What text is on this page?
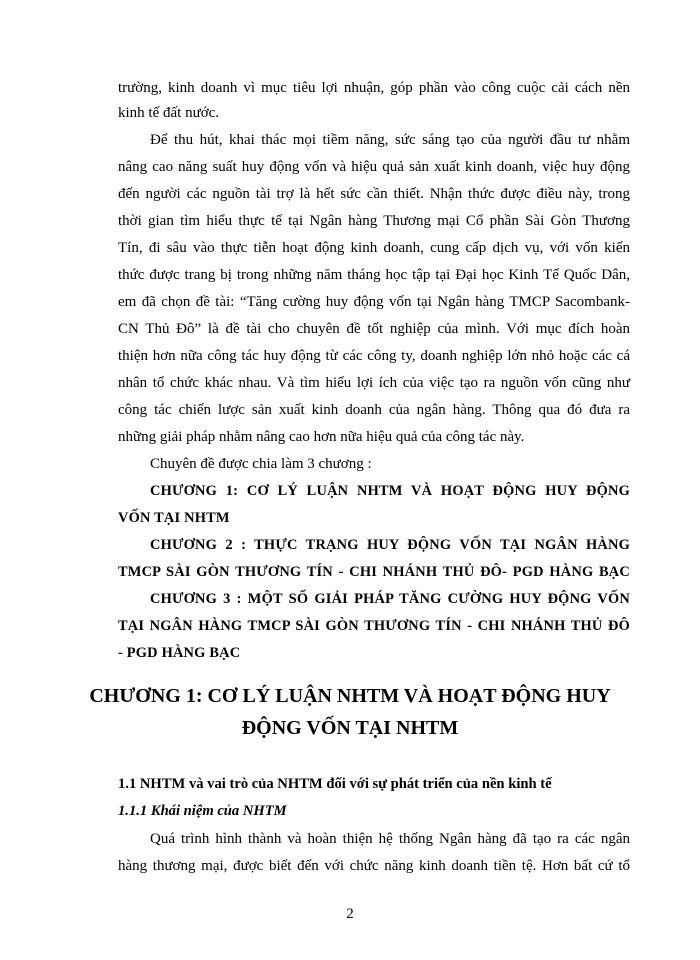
trường, kinh doanh vì mục tiêu lợi nhuận, góp phần vào công cuộc cải cách nền
kinh tế đất nước.
Để thu hút, khai thác mọi tiềm năng, sức sáng tạo của người đầu tư nhằm
nâng cao năng suất huy động vốn và hiệu quả sản xuất kinh doanh, việc huy động
đến người các nguồn tài trợ là hết sức cần thiết. Nhận thức được điều này, trong
thời gian tìm hiểu thực tế tại Ngân hàng Thương mại Cổ phần Sài Gòn Thương
Tín, đi sâu vào thực tiễn hoạt động kinh doanh, cung cấp dịch vụ, với vốn kiến
thức được trang bị trong những năm tháng học tập tại Đại học Kinh Tế Quốc Dân,
em đã chọn đề tài: “Tăng cường huy động vốn tại Ngân hàng TMCP Sacombank-
CN Thủ Đô” là đề tài cho chuyên đề tốt nghiệp của mình. Với mục đích hoàn
thiện hơn nữa công tác huy động từ các công ty, doanh nghiệp lớn nhỏ hoặc các cá
nhân tổ chức khác nhau. Và tìm hiểu lợi ích của việc tạo ra nguồn vốn cũng như
công tác chiến lược sản xuất kinh doanh của ngân hàng. Thông qua đó đưa ra
những giải pháp nhằm nâng cao hơn nữa hiệu quả của công tác này.
Chuyên đề được chia làm 3 chương :
CHƯƠNG 1: CƠ LÝ LUẬN NHTM VÀ HOẠT ĐỘNG HUY ĐỘNG
VỐN TẠI NHTM
CHƯƠNG 2 : THỰC TRẠNG HUY ĐỘNG VỐN TẠI NGÂN HÀNG
TMCP SÀI GÒN THƯƠNG TÍN - CHI NHÁNH THỦ ĐÔ- PGD HÀNG BẠC
CHƯƠNG 3 : MỘT SỐ GIẢI PHÁP TĂNG CƯỜNG HUY ĐỘNG VỐN
TẠI NGÂN HÀNG TMCP SÀI GÒN THƯƠNG TÍN - CHI NHÁNH THỦ ĐÔ
- PGD HÀNG BẠC
CHƯƠNG 1: CƠ LÝ LUẬN NHTM VÀ HOẠT ĐỘNG HUY
ĐỘNG VỐN TẠI NHTM
1.1 NHTM và vai trò của NHTM đối với sự phát triển của nền kinh tế
1.1.1 Khái niệm của NHTM
Quá trình hình thành và hoàn thiện hệ thống Ngân hàng đã tạo ra các ngân
hàng thương mại, được biết đến với chức năng kinh doanh tiền tệ. Hơn bất cứ tổ
2
